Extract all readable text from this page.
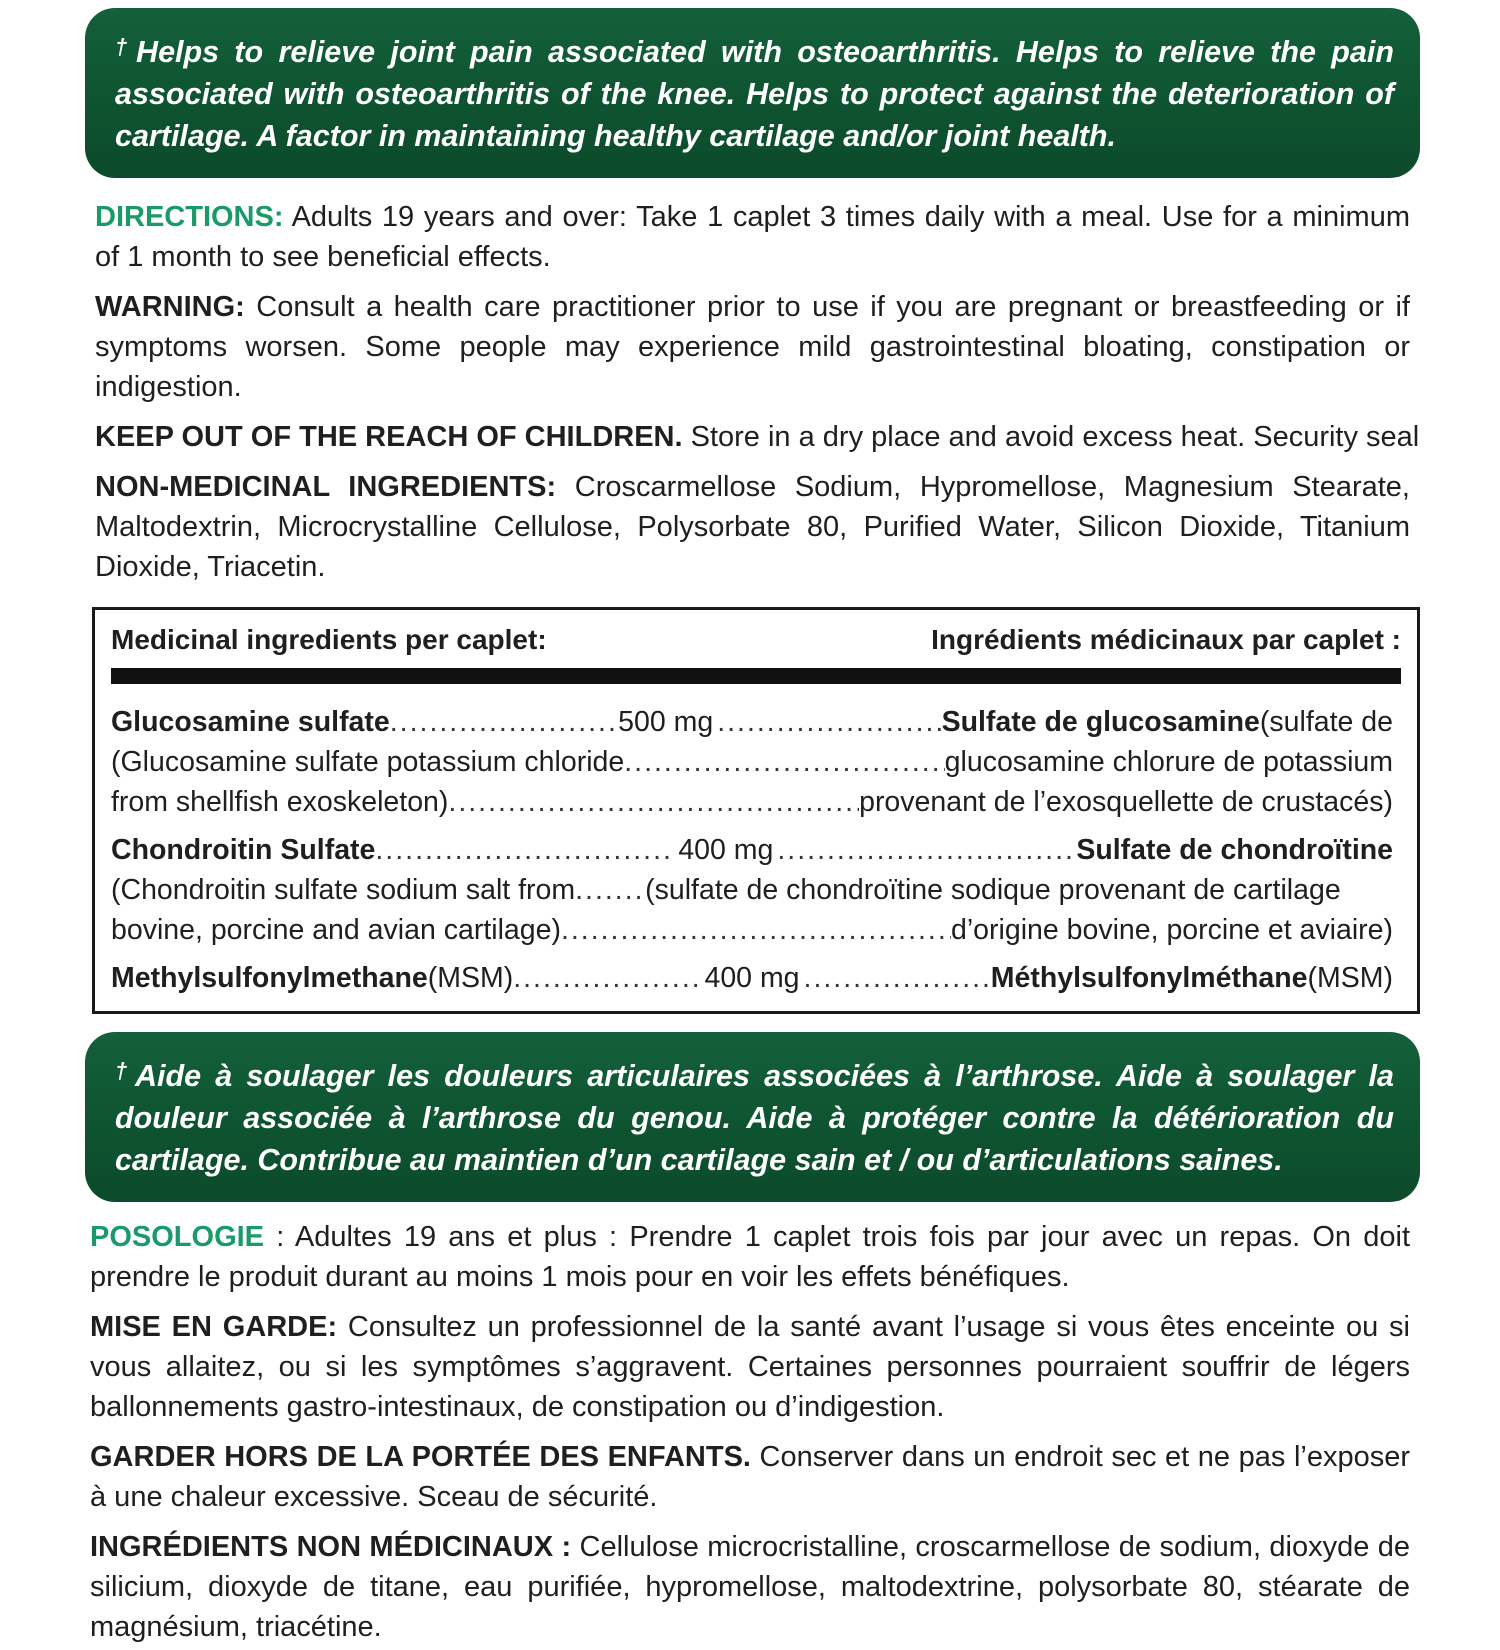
†Helps to relieve joint pain associated with osteoarthritis. Helps to relieve the pain associated with osteoarthritis of the knee. Helps to protect against the deterioration of cartilage. A factor in maintaining healthy cartilage and/or joint health.

DIRECTIONS: Adults 19 years and over: Take 1 caplet 3 times daily with a meal. Use for a minimum of 1 month to see beneficial effects.

WARNING: Consult a health care practitioner prior to use if you are pregnant or breastfeeding or if symptoms worsen. Some people may experience mild gastrointestinal bloating, constipation or indigestion.

KEEP OUT OF THE REACH OF CHILDREN. Store in a dry place and avoid excess heat. Security seal

NON-MEDICINAL INGREDIENTS: Croscarmellose Sodium, Hypromellose, Magnesium Stearate, Maltodextrin, Microcrystalline Cellulose, Polysorbate 80, Purified Water, Silicon Dioxide, Titanium Dioxide, Triacetin.

Medicinal ingredients per caplet:	Ingrédients médicinaux par caplet :
Glucosamine sulfate .....	500 mg .....	Sulfate de glucosamine (sulfate de
(Glucosamine sulfate potassium chloride .....	glucosamine chlorure de potassium
from shellfish exoskeleton) .....	provenant de l’exosquellette de crustacés)
Chondroitin Sulfate .....	400 mg .....	Sulfate de chondroïtine
(Chondroitin sulfate sodium salt from ..... (sulfate de chondroïtine sodique provenant de cartilage
bovine, porcine and avian cartilage) .....	d’origine bovine, porcine et aviaire)
Methylsulfonylmethane (MSM) .....	400 mg .....	Méthylsulfonylméthane (MSM)
†Aide à soulager les douleurs articulaires associées à l’arthrose. Aide à soulager la douleur associée à l’arthrose du genou. Aide à protéger contre la détérioration du cartilage. Contribue au maintien d’un cartilage sain et / ou d’articulations saines.

POSOLOGIE : Adultes 19 ans et plus : Prendre 1 caplet trois fois par jour avec un repas. On doit prendre le produit durant au moins 1 mois pour en voir les effets bénéfiques.

MISE EN GARDE: Consultez un professionnel de la santé avant l’usage si vous êtes enceinte ou si vous allaitez, ou si les symptômes s’aggravent. Certaines personnes pourraient souffrir de légers ballonnements gastro-intestinaux, de constipation ou d’indigestion.

GARDER HORS DE LA PORTÉE DES ENFANTS. Conserver dans un endroit sec et ne pas l’exposer à une chaleur excessive. Sceau de sécurité.

INGRÉDIENTS NON MÉDICINAUX : Cellulose microcristalline, croscarmellose de sodium, dioxyde de silicium, dioxyde de titane, eau purifiée, hypromellose, maltodextrine, polysorbate 80, stéarate de magnésium, triacétine.
